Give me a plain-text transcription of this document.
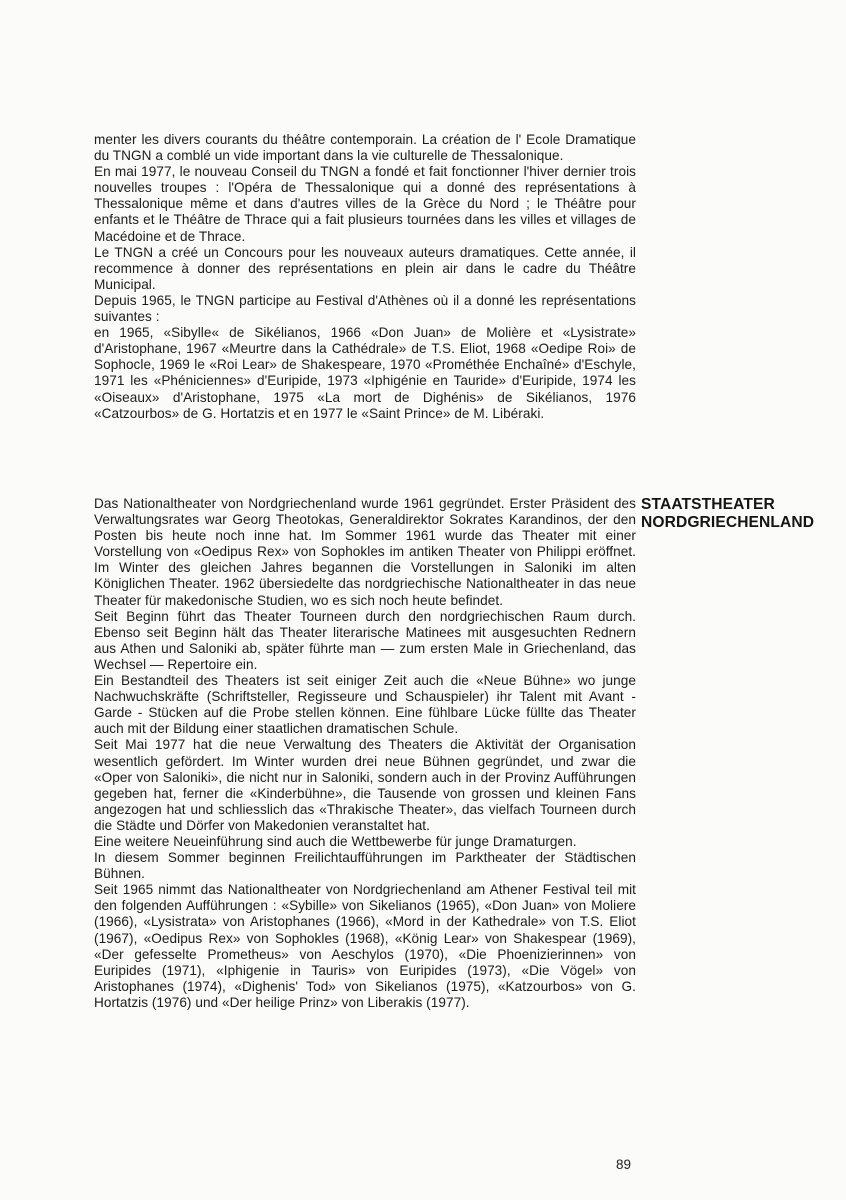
menter les divers courants du théâtre contemporain. La création de l' Ecole Dramatique du TNGN a comblé un vide important dans la vie culturelle de Thessalonique.

En mai 1977, le nouveau Conseil du TNGN a fondé et fait fonctionner l'hiver dernier trois nouvelles troupes : l'Opéra de Thessalonique qui a donné des représentations à Thessalonique même et dans d'autres villes de la Grèce du Nord ; le Théâtre pour enfants et le Théâtre de Thrace qui a fait plusieurs tournées dans les villes et villages de Macédoine et de Thrace.

Le TNGN a créé un Concours pour les nouveaux auteurs dramatiques. Cette année, il recommence à donner des représentations en plein air dans le cadre du Théâtre Municipal.

Depuis 1965, le TNGN participe au Festival d'Athènes où il a donné les représentations suivantes :

en 1965, «Sibylle« de Sikélianos, 1966 «Don Juan» de Molière et «Lysistrate» d'Aristophane, 1967 «Meurtre dans la Cathédrale» de T.S. Eliot, 1968 «Oedipe Roi» de Sophocle, 1969 le «Roi Lear» de Shakespeare, 1970 «Prométhée Enchaîné» d'Eschyle, 1971 les «Phéniciennes» d'Euripide, 1973 «Iphigénie en Tauride» d'Euripide, 1974 les «Oiseaux» d'Aristophane, 1975 «La mort de Dighénis» de Sikélianos, 1976 «Catzourbos» de G. Hortatzis et en 1977 le «Saint Prince» de M. Libéraki.

Das Nationaltheater von Nordgriechenland wurde 1961 gegründet. Erster Präsident des Verwaltungsrates war Georg Theotokas, Generaldirektor Sokrates Karandinos, der den Posten bis heute noch inne hat. Im Sommer 1961 wurde das Theater mit einer Vorstellung von «Oedipus Rex» von Sophokles im antiken Theater von Philippi eröffnet. Im Winter des gleichen Jahres begannen die Vorstellungen in Saloniki im alten Königlichen Theater. 1962 übersiedelte das nordgriechische Nationaltheater in das neue Theater für makedonische Studien, wo es sich noch heute befindet.

Seit Beginn führt das Theater Tourneen durch den nordgriechischen Raum durch. Ebenso seit Beginn hält das Theater literarische Matinees mit ausgesuchten Rednern aus Athen und Saloniki ab, später führte man — zum ersten Male in Griechenland, das Wechsel — Repertoire ein.

Ein Bestandteil des Theaters ist seit einiger Zeit auch die «Neue Bühne» wo junge Nachwuchskräfte (Schriftsteller, Regisseure und Schauspieler) ihr Talent mit Avant - Garde - Stücken auf die Probe stellen können. Eine fühlbare Lücke füllte das Theater auch mit der Bildung einer staatlichen dramatischen Schule.

Seit Mai 1977 hat die neue Verwaltung des Theaters die Aktivität der Organisation wesentlich gefördert. Im Winter wurden drei neue Bühnen gegründet, und zwar die «Oper von Saloniki», die nicht nur in Saloniki, sondern auch in der Provinz Aufführungen gegeben hat, ferner die «Kinderbühne», die Tausende von grossen und kleinen Fans angezogen hat und schliesslich das «Thrakische Theater», das vielfach Tourneen durch die Städte und Dörfer von Makedonien veranstaltet hat.

Eine weitere Neueinführung sind auch die Wettbewerbe für junge Dramaturgen.

In diesem Sommer beginnen Freilichtaufführungen im Parktheater der Städtischen Bühnen.

Seit 1965 nimmt das Nationaltheater von Nordgriechenland am Athener Festival teil mit den folgenden Aufführungen : «Sybille» von Sikelianos (1965), «Don Juan» von Moliere (1966), «Lysistrata» von Aristophanes (1966), «Mord in der Kathedrale» von T.S. Eliot (1967), «Oedipus Rex» von Sophokles (1968), «König Lear» von Shakespear (1969), «Der gefesselte Prometheus» von Aeschylos (1970), «Die Phoenizierinnen» von Euripides (1971), «Iphigenie in Tauris» von Euripides (1973), «Die Vögel» von Aristophanes (1974), «Dighenis' Tod» von Sikelianos (1975), «Katzourbos» von G. Hortatzis (1976) und «Der heilige Prinz» von Liberakis (1977).

STAATSTHEATER
NORDGRIECHENLAND
89
